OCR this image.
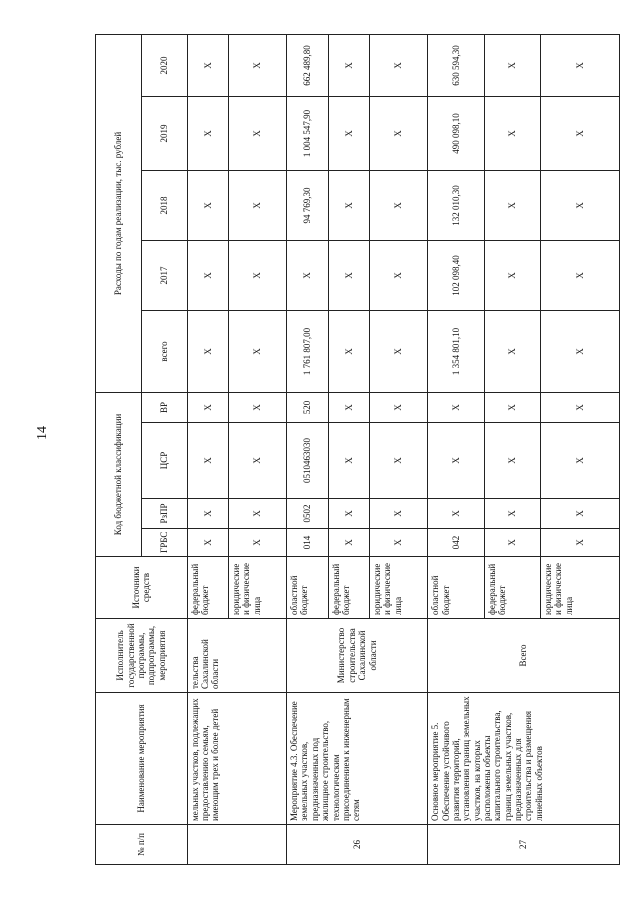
14
№ п/п	Наименование мероприятия	Исполнитель государственной программы, подпрограммы, мероприятия	Источники средств	Код бюджетной классификации				Расходы по годам реализации, тыс. рублей				
				ГРБС	РзПР	ЦСР	ВР	всего	2017	2018	2019	2020
	мельных участков, подлежащих предоставлению семьям, имеющим трех и более детей	тельства Сахалинской области	федеральный бюджет	X	X	X	X	X	X	X	X	X
			юридические и физические лица	X	X	X	X	X	X	X	X	X
26	Мероприятие 4.3. Обеспечение земельных участков, предназначенных под жилищное строительство, технологическим присоединением к инженерным сетям	Министерство строительства Сахалинской области	областной бюджет	014	0502	0510463030	520	1 761 807,00	X	94 769,30	1 004 547,90	662 489,80
			федеральный бюджет	X	X	X	X	X	X	X	X	X
			юридические и физические лица	X	X	X	X	X	X	X	X	X
27	Основное мероприятие 5. Обеспечение устойчивого развития территорий, установления границ земельных участков, на которых расположены объекты капитального строительства, границ земельных участков, предназначенных для строительства и размещения линейных объектов	Всего	областной бюджет	042	X	X	X	1 354 801,10	102 098,40	132 010,30	490 098,10	630 594,30
			федеральный бюджет	X	X	X	X	X	X	X	X	X
			юридические и физические лица	X	X	X	X	X	X	X	X	X
